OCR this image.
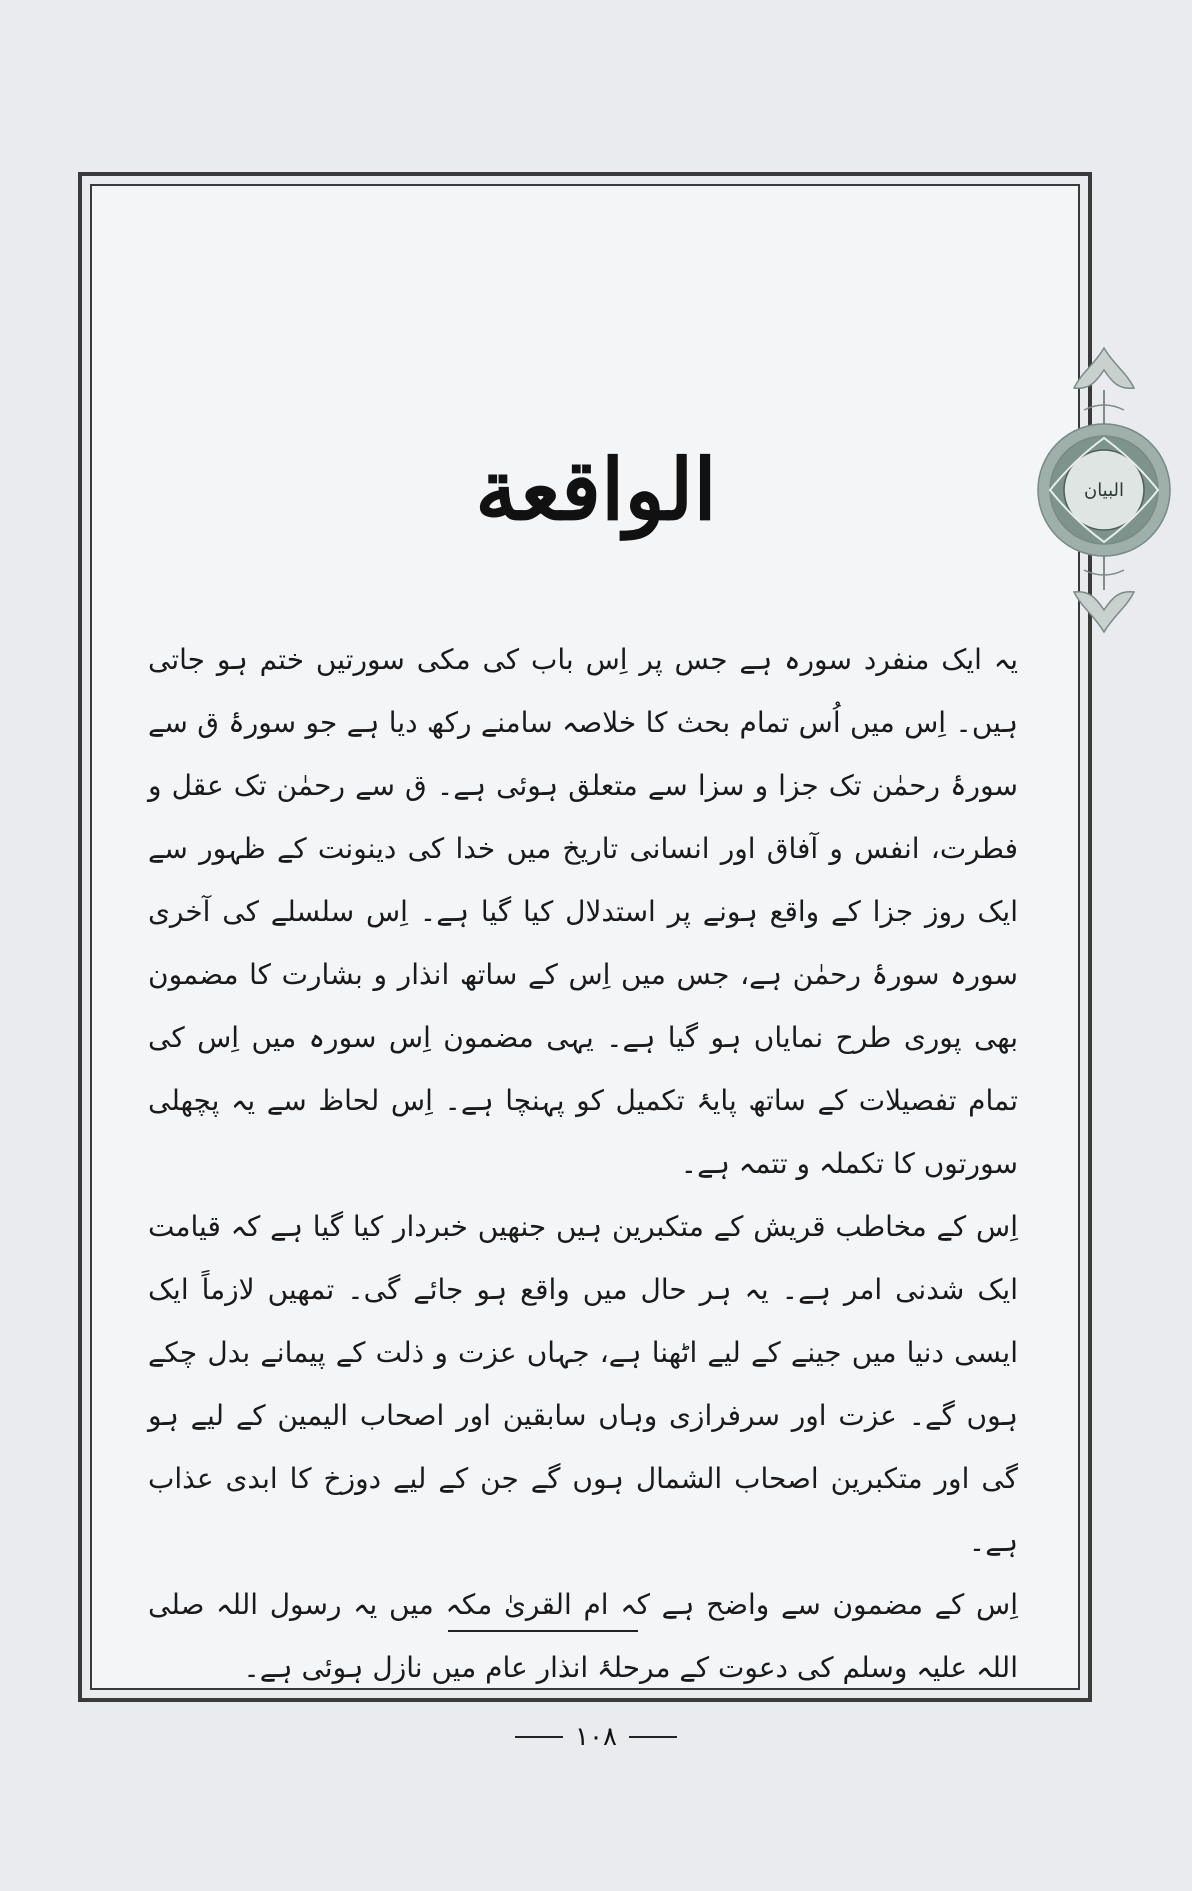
البیان
الواقعة

یہ ایک منفرد سورہ ہے جس پر اِس باب کی مکی سورتیں ختم ہو جاتی ہیں۔ اِس میں اُس تمام بحث کا خلاصہ سامنے رکھ دیا ہے جو سورۂ ق سے سورۂ رحمٰن تک جزا و سزا سے متعلق ہوئی ہے۔ ق سے رحمٰن تک عقل و فطرت، انفس و آفاق اور انسانی تاریخ میں خدا کی دینونت کے ظہور سے ایک روز جزا کے واقع ہونے پر استدلال کیا گیا ہے۔ اِس سلسلے کی آخری سورہ سورۂ رحمٰن ہے، جس میں اِس کے ساتھ انذار و بشارت کا مضمون بھی پوری طرح نمایاں ہو گیا ہے۔ یہی مضمون اِس سورہ میں اِس کی تمام تفصیلات کے ساتھ پایۂ تکمیل کو پہنچا ہے۔ اِس لحاظ سے یہ پچھلی سورتوں کا تکملہ و تتمہ ہے۔

اِس کے مخاطب قریش کے متکبرین ہیں جنھیں خبردار کیا گیا ہے کہ قیامت ایک شدنی امر ہے۔ یہ ہر حال میں واقع ہو جائے گی۔ تمھیں لازماً ایک ایسی دنیا میں جینے کے لیے اٹھنا ہے، جہاں عزت و ذلت کے پیمانے بدل چکے ہوں گے۔ عزت اور سرفرازی وہاں سابقین اور اصحاب الیمین کے لیے ہو گی اور متکبرین اصحاب الشمال ہوں گے جن کے لیے دوزخ کا ابدی عذاب ہے۔

اِس کے مضمون سے واضح ہے کہ ام القریٰ مکہ میں یہ رسول اللہ صلی اللہ علیہ وسلم کی دعوت کے مرحلۂ انذار عام میں نازل ہوئی ہے۔

۱۰۸
